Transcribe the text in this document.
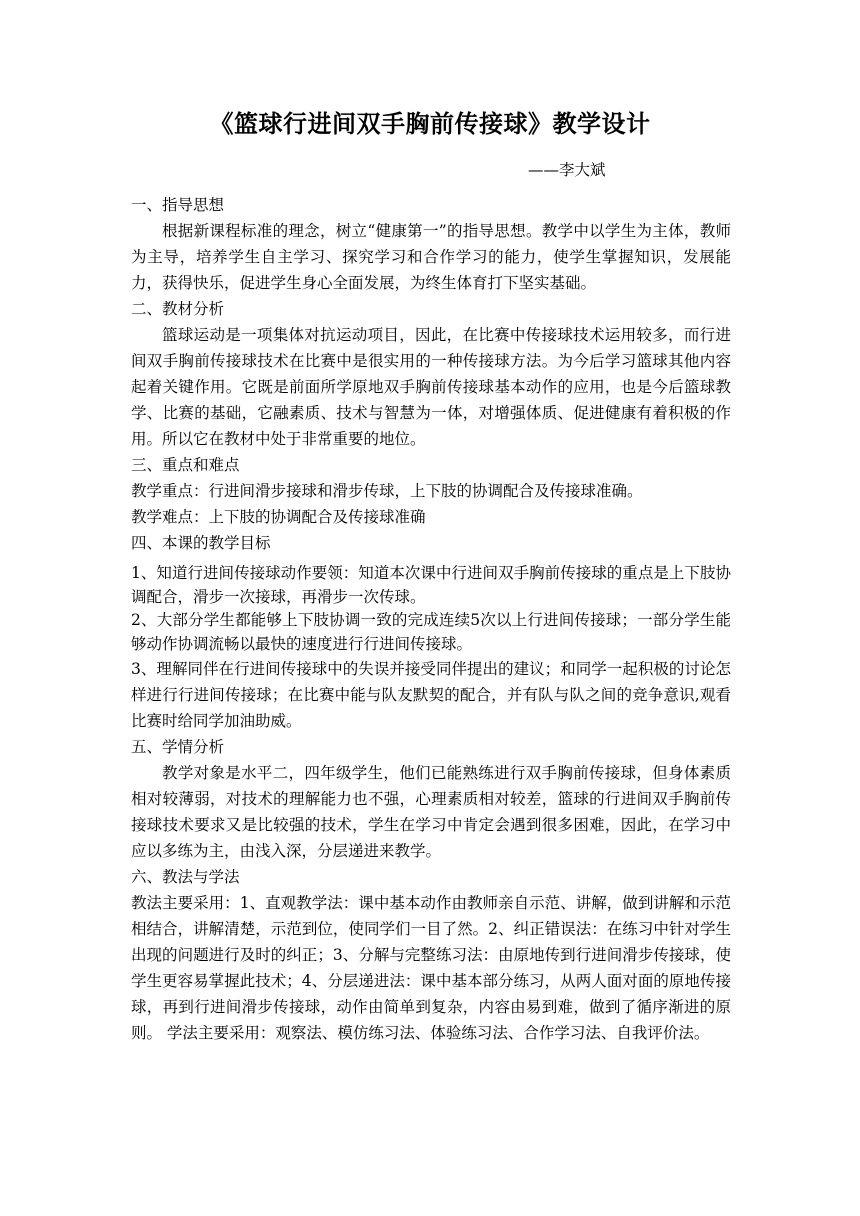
《篮球行进间双手胸前传接球》教学设计
——李大斌

一、指导思想

根据新课程标准的理念，树立“健康第一”的指导思想。教学中以学生为主体，教师为主导，培养学生自主学习、探究学习和合作学习的能力，使学生掌握知识，发展能力，获得快乐，促进学生身心全面发展，为终生体育打下坚实基础。

二、教材分析

篮球运动是一项集体对抗运动项目，因此，在比赛中传接球技术运用较多，而行进间双手胸前传接球技术在比赛中是很实用的一种传接球方法。为今后学习篮球其他内容起着关键作用。它既是前面所学原地双手胸前传接球基本动作的应用，也是今后篮球教学、比赛的基础，它融素质、技术与智慧为一体，对增强体质、促进健康有着积极的作用。所以它在教材中处于非常重要的地位。

三、重点和难点

教学重点：行进间滑步接球和滑步传球，上下肢的协调配合及传接球准确。

教学难点：上下肢的协调配合及传接球准确

四、本课的教学目标

1、知道行进间传接球动作要领：知道本次课中行进间双手胸前传接球的重点是上下肢协调配合，滑步一次接球，再滑步一次传球。

2、大部分学生都能够上下肢协调一致的完成连续5次以上行进间传接球；一部分学生能够动作协调流畅以最快的速度进行行进间传接球。

3、理解同伴在行进间传接球中的失误并接受同伴提出的建议；和同学一起积极的讨论怎样进行行进间传接球；在比赛中能与队友默契的配合，并有队与队之间的竞争意识,观看比赛时给同学加油助威。

五、学情分析

教学对象是水平二，四年级学生，他们已能熟练进行双手胸前传接球，但身体素质相对较薄弱，对技术的理解能力也不强，心理素质相对较差，篮球的行进间双手胸前传接球技术要求又是比较强的技术，学生在学习中肯定会遇到很多困难，因此，在学习中应以多练为主，由浅入深，分层递进来教学。

六、教法与学法

教法主要采用：1、直观教学法：课中基本动作由教师亲自示范、讲解，做到讲解和示范相结合，讲解清楚，示范到位，使同学们一目了然。2、纠正错误法：在练习中针对学生出现的问题进行及时的纠正；3、分解与完整练习法：由原地传到行进间滑步传接球，使学生更容易掌握此技术；4、分层递进法：课中基本部分练习，从两人面对面的原地传接球，再到行进间滑步传接球，动作由简单到复杂，内容由易到难，做到了循序渐进的原则。 学法主要采用：观察法、模仿练习法、体验练习法、合作学习法、自我评价法。
